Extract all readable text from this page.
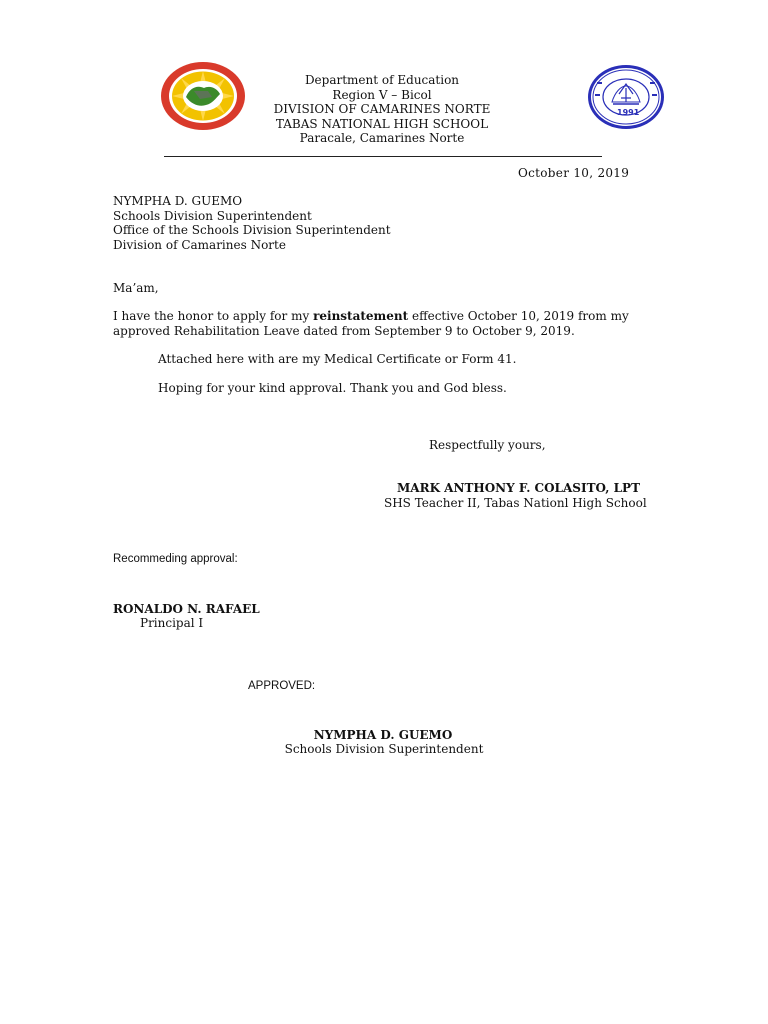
1991
Department of Education
Region V – Bicol
DIVISION OF CAMARINES NORTE
TABAS NATIONAL HIGH SCHOOL
Paracale, Camarines Norte
October 10, 2019
NYMPHA D. GUEMO
Schools Division Superintendent
Office of the Schools Division Superintendent
Division of Camarines Norte
Ma’am,
I have the honor to apply for my reinstatement effective October 10, 2019 from my
approved Rehabilitation Leave dated from September 9 to October 9, 2019.
Attached here with are my Medical Certificate or Form 41.
Hoping for your kind approval. Thank you and God bless.
Respectfully yours,
MARK ANTHONY F. COLASITO, LPT
SHS Teacher II, Tabas Nationl High School
Recommeding approval:
RONALDO N. RAFAEL
Principal I
APPROVED:
NYMPHA D. GUEMO
Schools Division Superintendent
